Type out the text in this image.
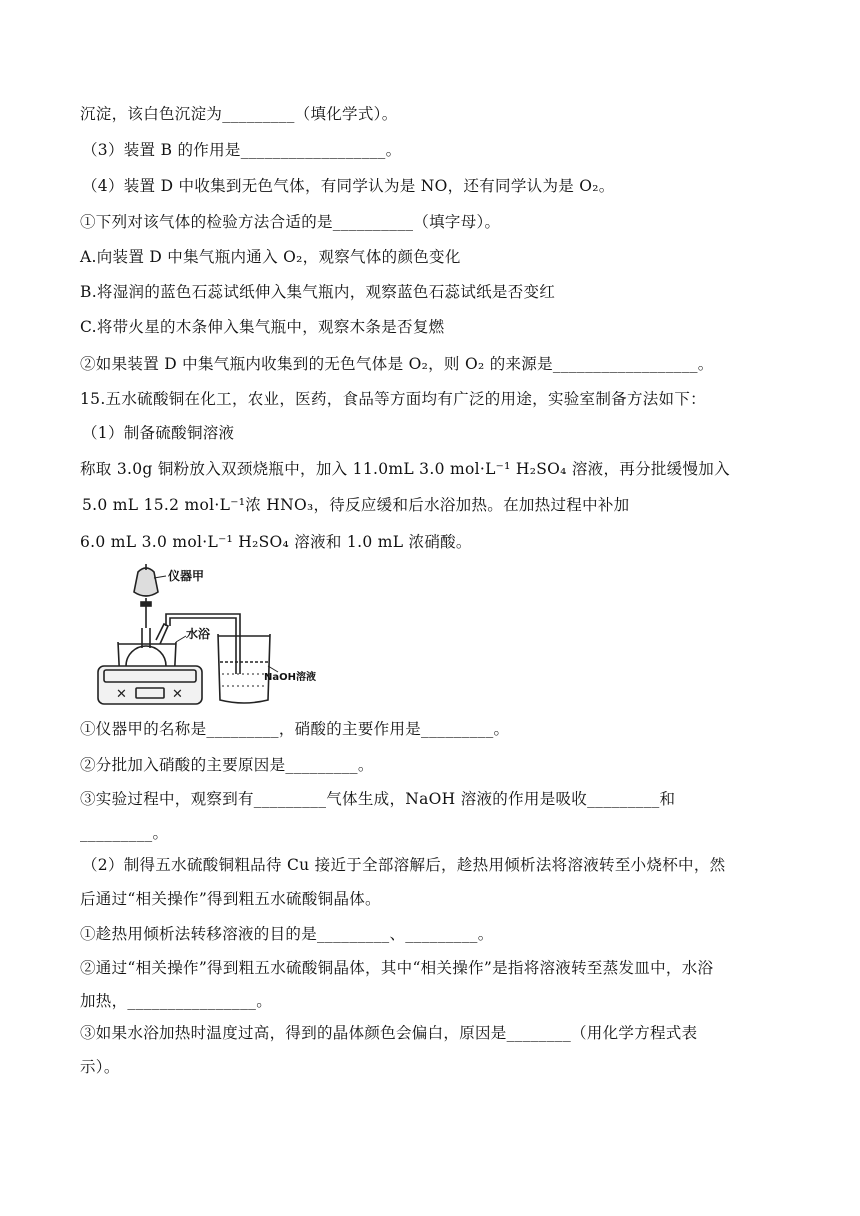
沉淀，该白色沉淀为_________（填化学式）。
（3）装置 B 的作用是__________________。
（4）装置 D 中收集到无色气体，有同学认为是 NO，还有同学认为是 O₂。
①下列对该气体的检验方法合适的是__________（填字母）。
A.向装置 D 中集气瓶内通入 O₂，观察气体的颜色变化
B.将湿润的蓝色石蕊试纸伸入集气瓶内，观察蓝色石蕊试纸是否变红
C.将带火星的木条伸入集气瓶中，观察木条是否复燃
②如果装置 D 中集气瓶内收集到的无色气体是 O₂，则 O₂ 的来源是__________________。
15.五水硫酸铜在化工，农业，医药，食品等方面均有广泛的用途，实验室制备方法如下：
（1）制备硫酸铜溶液
称取 3.0g 铜粉放入双颈烧瓶中，加入 11.0mL 3.0 mol·L⁻¹ H₂SO₄ 溶液，再分批缓慢加入
5.0 mL 15.2 mol·L⁻¹浓 HNO₃，待反应缓和后水浴加热。在加热过程中补加
6.0 mL 3.0 mol·L⁻¹ H₂SO₄ 溶液和 1.0 mL 浓硝酸。
✕	✕
仪器甲
水浴
NaOH溶液
①仪器甲的名称是_________，硝酸的主要作用是_________。
②分批加入硝酸的主要原因是_________。
③实验过程中，观察到有_________气体生成，NaOH 溶液的作用是吸收_________和
_________。
（2）制得五水硫酸铜粗品待 Cu 接近于全部溶解后，趁热用倾析法将溶液转至小烧杯中，然
后通过“相关操作”得到粗五水硫酸铜晶体。
①趁热用倾析法转移溶液的目的是_________、_________。
②通过“相关操作”得到粗五水硫酸铜晶体，其中“相关操作”是指将溶液转至蒸发皿中，水浴
加热，________________。
③如果水浴加热时温度过高，得到的晶体颜色会偏白，原因是________（用化学方程式表
示）。
